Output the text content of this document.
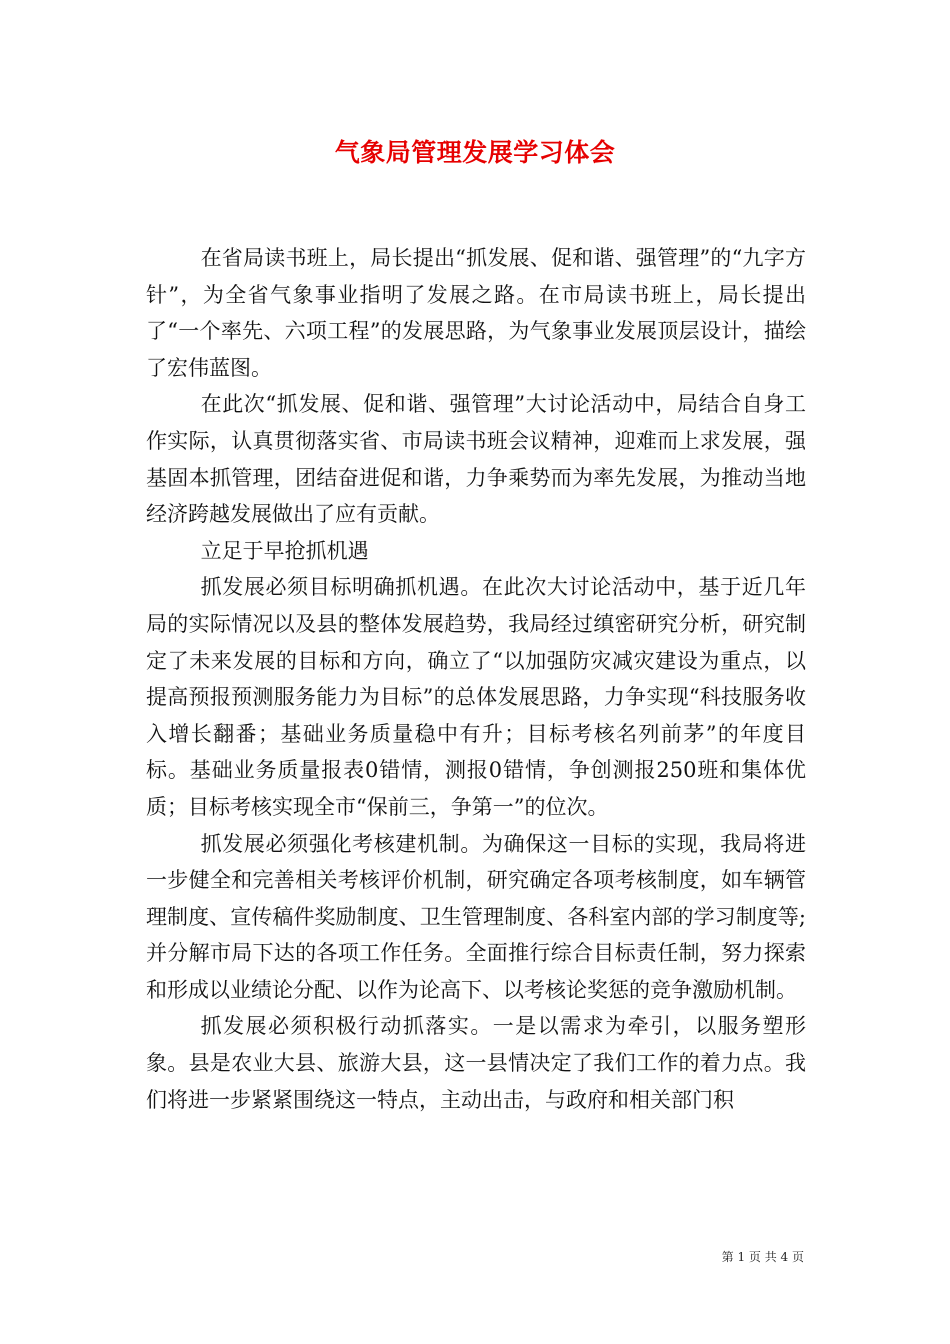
气象局管理发展学习体会

在省局读书班上，局长提出“抓发展、促和谐、强管理”的“九字方针”，为全省气象事业指明了发展之路。在市局读书班上，局长提出了“一个率先、六项工程”的发展思路，为气象事业发展顶层设计，描绘了宏伟蓝图。

在此次“抓发展、促和谐、强管理”大讨论活动中，局结合自身工作实际，认真贯彻落实省、市局读书班会议精神，迎难而上求发展，强基固本抓管理，团结奋进促和谐，力争乘势而为率先发展，为推动当地经济跨越发展做出了应有贡献。

立足于早抢抓机遇

抓发展必须目标明确抓机遇。在此次大讨论活动中，基于近几年局的实际情况以及县的整体发展趋势，我局经过缜密研究分析，研究制定了未来发展的目标和方向，确立了“以加强防灾减灾建设为重点，以提高预报预测服务能力为目标”的总体发展思路，力争实现“科技服务收入增长翻番；基础业务质量稳中有升；目标考核名列前茅”的年度目标。基础业务质量报表0错情，测报0错情，争创测报250班和集体优质；目标考核实现全市“保前三，争第一”的位次。

抓发展必须强化考核建机制。为确保这一目标的实现，我局将进一步健全和完善相关考核评价机制，研究确定各项考核制度，如车辆管理制度、宣传稿件奖励制度、卫生管理制度、各科室内部的学习制度等;并分解市局下达的各项工作任务。全面推行综合目标责任制，努力探索和形成以业绩论分配、以作为论高下、以考核论奖惩的竞争激励机制。

抓发展必须积极行动抓落实。一是以需求为牵引，以服务塑形象。县是农业大县、旅游大县，这一县情决定了我们工作的着力点。我们将进一步紧紧围绕这一特点，主动出击，与政府和相关部门积

第 1 页 共 4 页
